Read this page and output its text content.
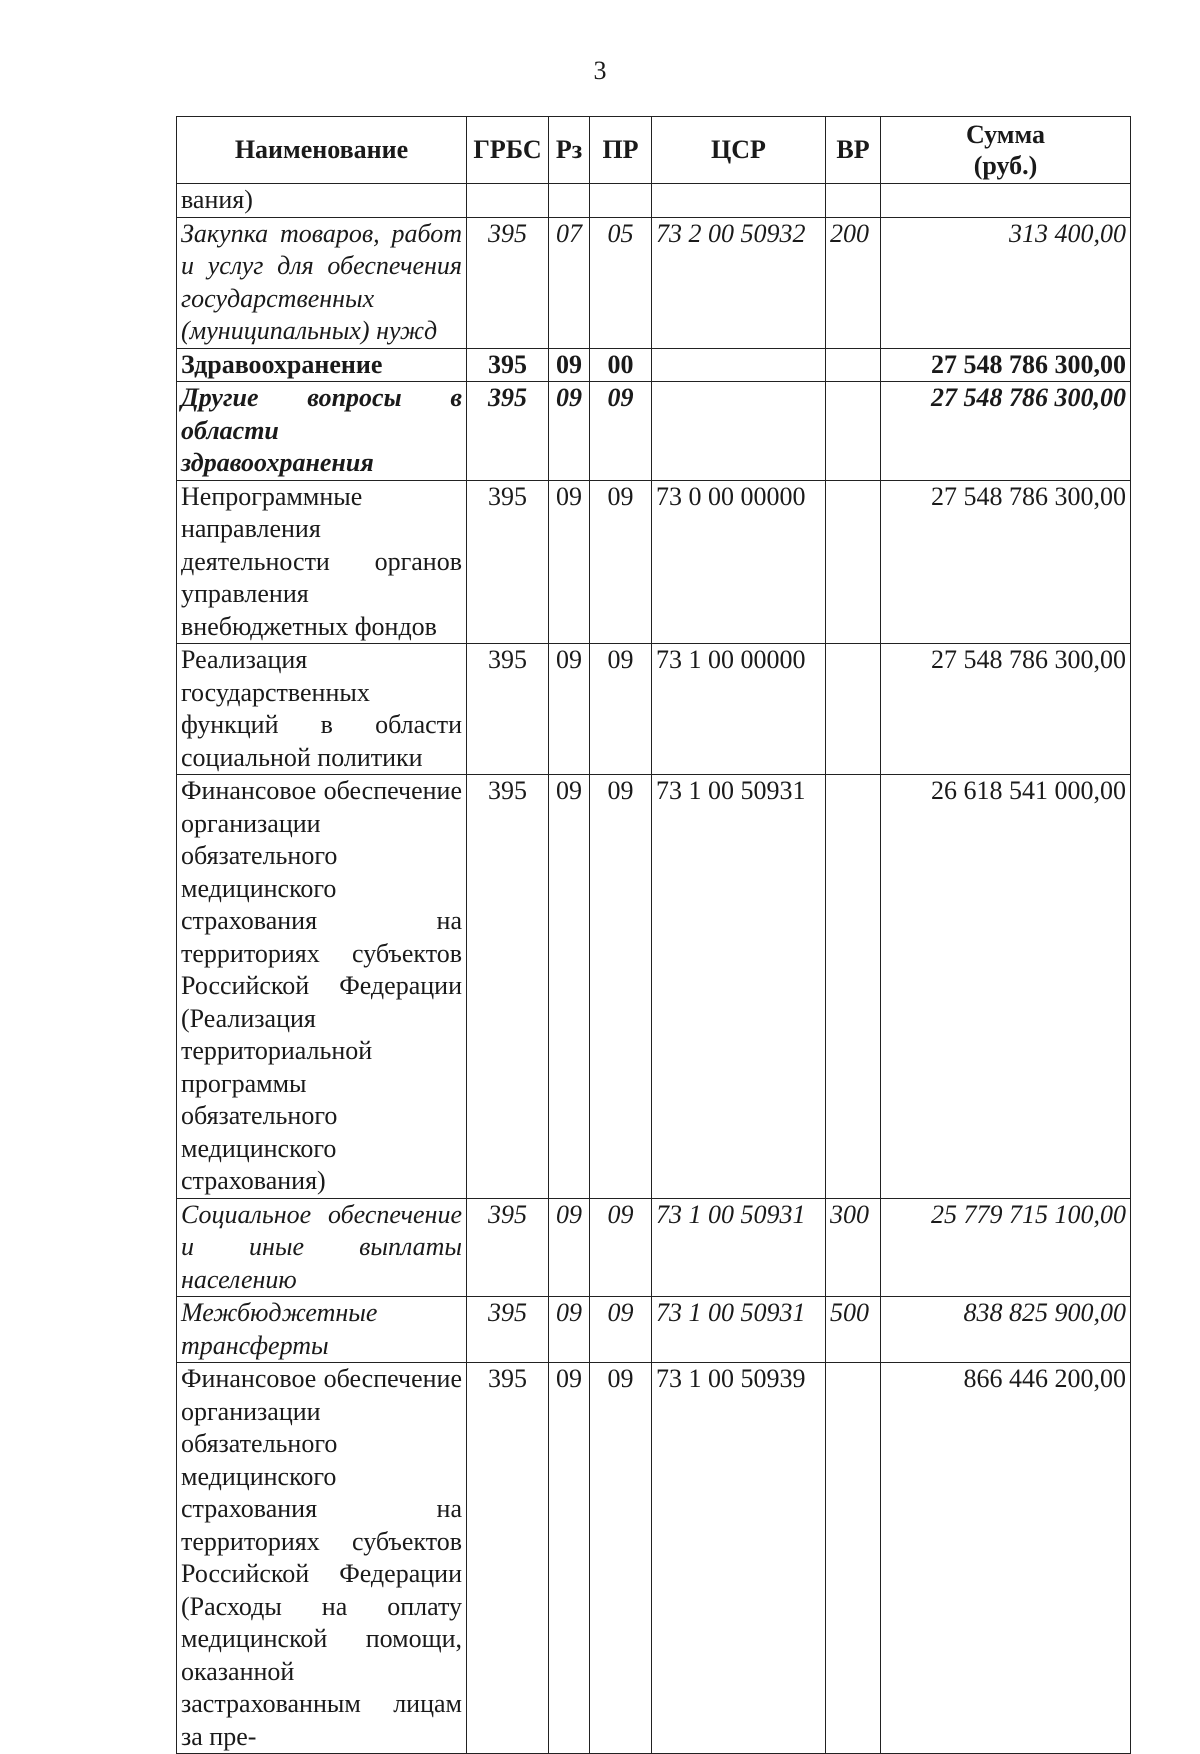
3
Наименование	ГРБС	Рз	ПР	ЦСР	ВР	Сумма
(руб.)

вания)						
Закупка товаров, работ и услуг для обеспечения государственных (муниципальных) нужд	395	07	05	73 2 00 50932	200	313 400,00
Здравоохранение	395	09	00			27 548 786 300,00
Другие вопросы в области здравоохранения	395	09	09			27 548 786 300,00
Непрограммные направления деятельности органов управления внебюджетных фондов	395	09	09	73 0 00 00000		27 548 786 300,00
Реализация государственных функций в области социальной политики	395	09	09	73 1 00 00000		27 548 786 300,00
Финансовое обеспечение организации обязательного медицинского страхования на территориях субъектов Российской Федерации (Реализация территориальной программы обязательного медицинского страхования)	395	09	09	73 1 00 50931		26 618 541 000,00
Социальное обеспечение и иные выплаты населению	395	09	09	73 1 00 50931	300	25 779 715 100,00
Межбюджетные трансферты	395	09	09	73 1 00 50931	500	838 825 900,00
Финансовое обеспечение организации обязательного медицинского страхования на территориях субъектов Российской Федерации (Расходы на оплату медицинской помощи, оказанной застрахованным лицам за пре-	395	09	09	73 1 00 50939		866 446 200,00
